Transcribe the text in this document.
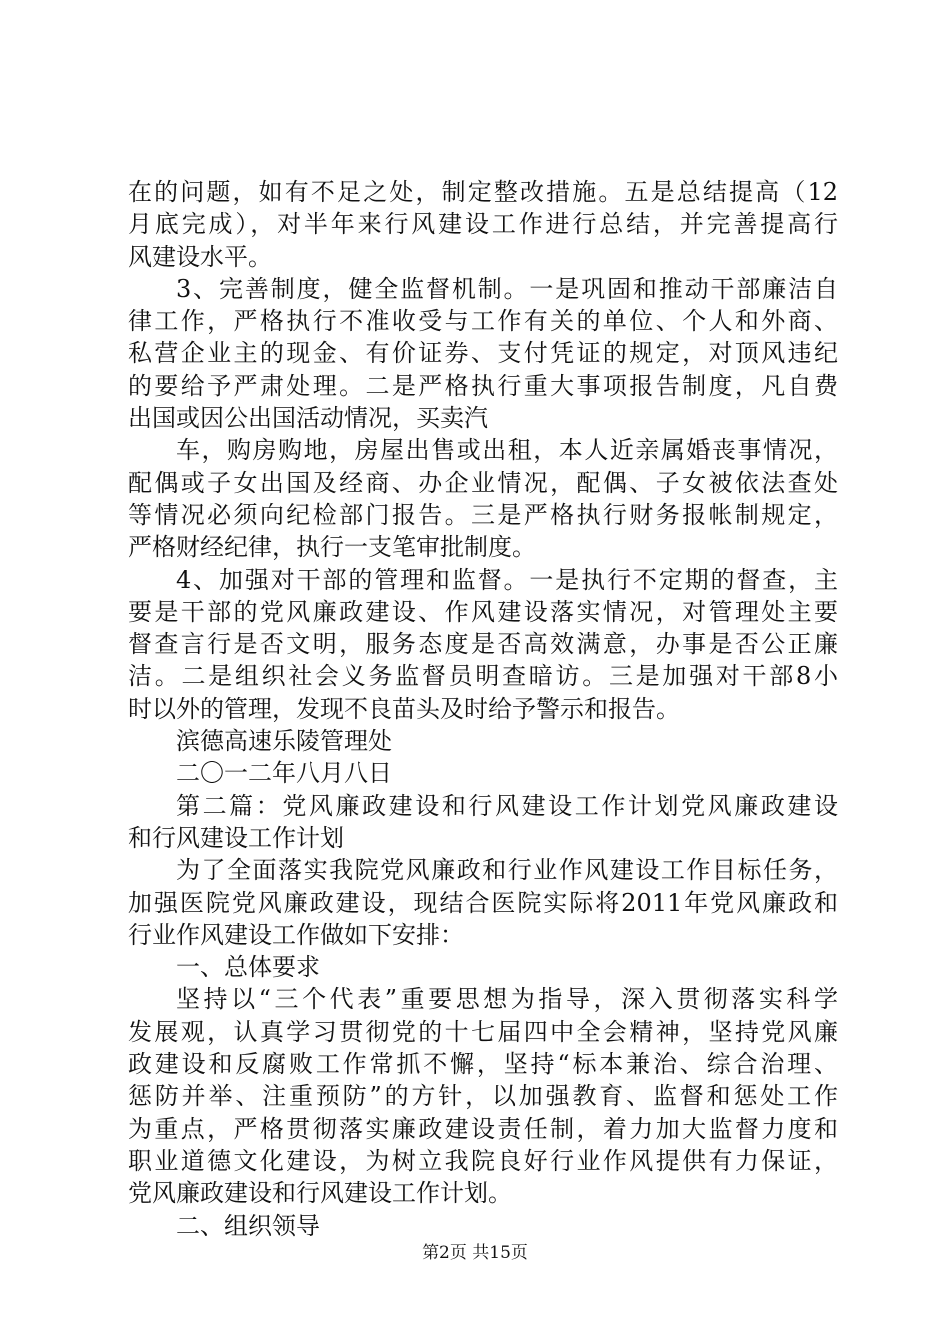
在的问题，如有不足之处，制定整改措施。五是总结提高（12
月底完成），对半年来行风建设工作进行总结，并完善提高行
风建设水平。
3、完善制度，健全监督机制。一是巩固和推动干部廉洁自
律工作，严格执行不准收受与工作有关的单位、个人和外商、
私营企业主的现金、有价证券、支付凭证的规定，对顶风违纪
的要给予严肃处理。二是严格执行重大事项报告制度，凡自费
出国或因公出国活动情况，买卖汽
车，购房购地，房屋出售或出租，本人近亲属婚丧事情况，
配偶或子女出国及经商、办企业情况，配偶、子女被依法查处
等情况必须向纪检部门报告。三是严格执行财务报帐制规定，
严格财经纪律，执行一支笔审批制度。
4、加强对干部的管理和监督。一是执行不定期的督查，主
要是干部的党风廉政建设、作风建设落实情况，对管理处主要
督查言行是否文明，服务态度是否高效满意，办事是否公正廉
洁。二是组织社会义务监督员明查暗访。三是加强对干部8小
时以外的管理，发现不良苗头及时给予警示和报告。
滨德高速乐陵管理处
二〇一二年八月八日
第二篇：党风廉政建设和行风建设工作计划党风廉政建设
和行风建设工作计划
为了全面落实我院党风廉政和行业作风建设工作目标任务，
加强医院党风廉政建设，现结合医院实际将2011年党风廉政和
行业作风建设工作做如下安排：
一、总体要求
坚持以“三个代表”重要思想为指导，深入贯彻落实科学
发展观，认真学习贯彻党的十七届四中全会精神，坚持党风廉
政建设和反腐败工作常抓不懈，坚持“标本兼治、综合治理、
惩防并举、注重预防”的方针，以加强教育、监督和惩处工作
为重点，严格贯彻落实廉政建设责任制，着力加大监督力度和
职业道德文化建设，为树立我院良好行业作风提供有力保证，
党风廉政建设和行风建设工作计划。
二、组织领导
第2页 共15页
